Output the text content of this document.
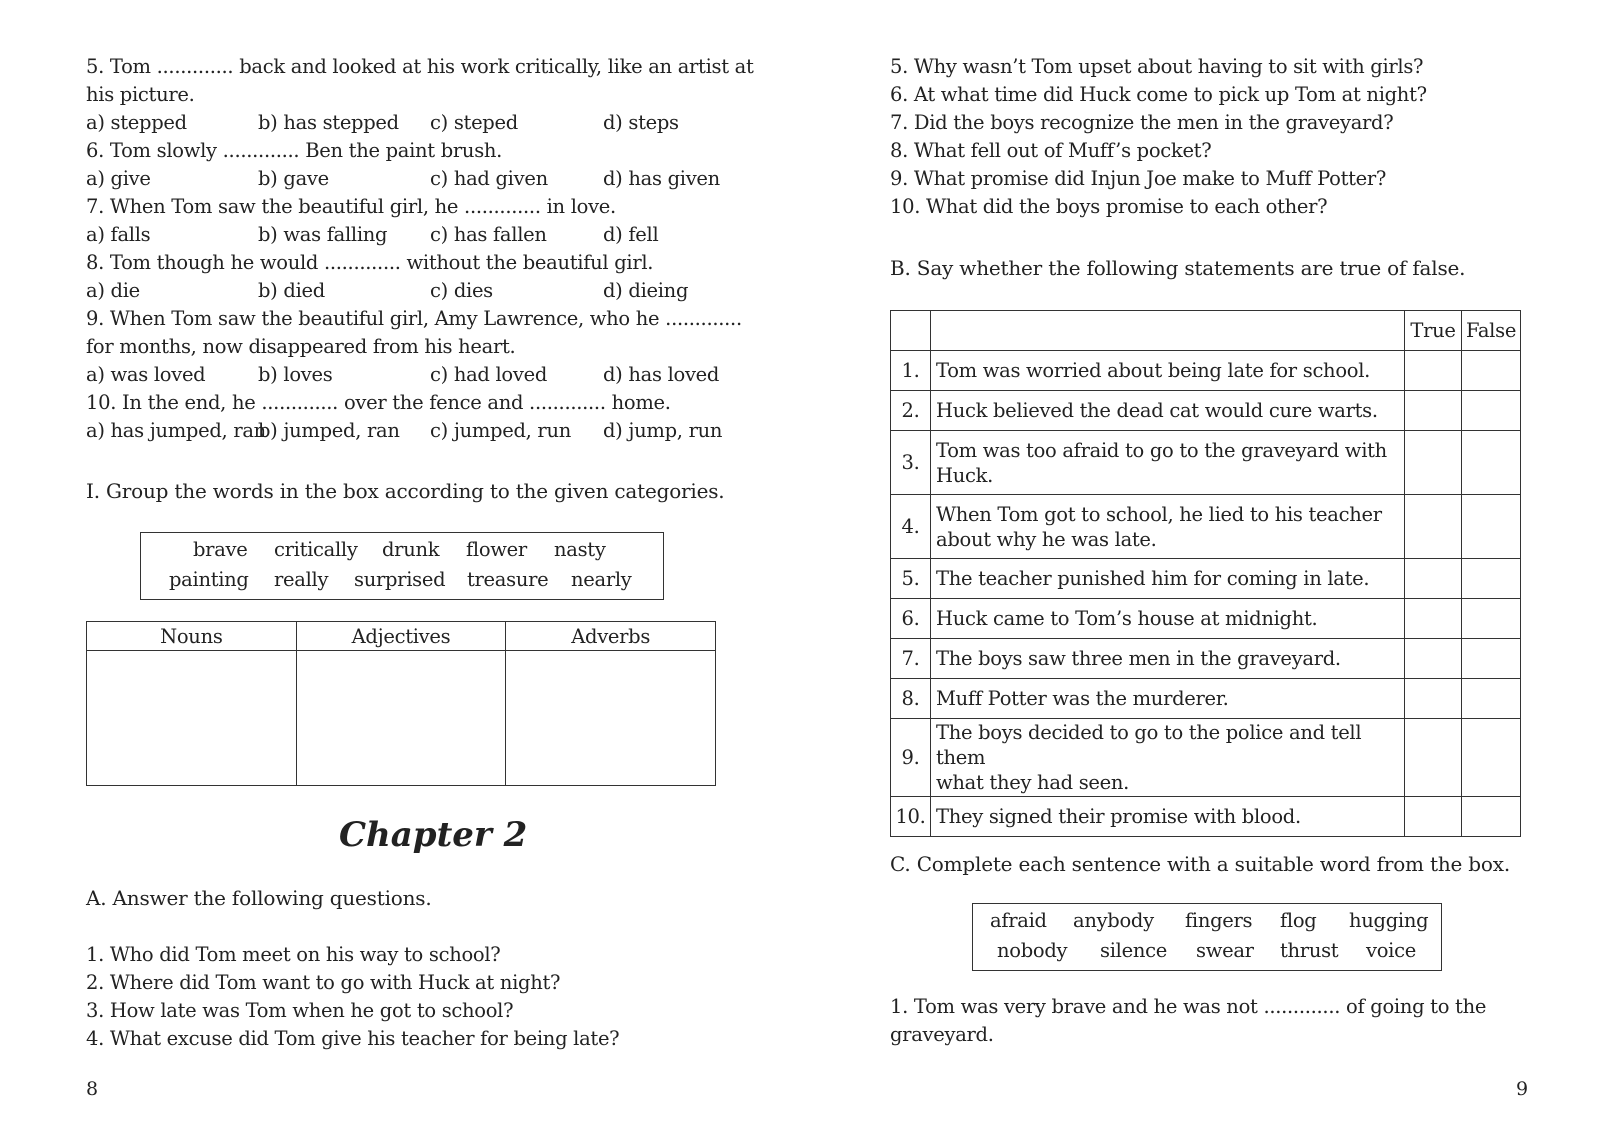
5. Tom ............. back and looked at his work critically, like an artist at
his picture.
a) stepped	b) has stepped c) steped	d) steps
6. Tom slowly ............. Ben the paint brush.
a) give	b) gave	c) had given	d) has given
7. When Tom saw the beautiful girl, he ............. in love.
a) falls	b) was falling c) has fallen	d) fell
8. Tom though he would ............. without the beautiful girl.
a) die	b) died	c) dies	d) dieing
9. When Tom saw the beautiful girl, Amy Lawrence, who he .............
for months, now disappeared from his heart.
a) was loved	b) loves	c) had loved	d) has loved
10. In the end, he ............. over the fence and ............. home.
a) has jumped, ran
b) jumped, ran c) jumped, run d) jump, run
I. Group the words in the box according to the given categories.
brave critically drunk flower nasty
painting really surprised treasure nearly
Nouns	Adjectives	Adverbs

Chapter 2
A. Answer the following questions.
1. Who did Tom meet on his way to school?
2. Where did Tom want to go with Huck at night?
3. How late was Tom when he got to school?
4. What excuse did Tom give his teacher for being late?
8
5. Why wasn’t Tom upset about having to sit with girls?
6. At what time did Huck come to pick up Tom at night?
7. Did the boys recognize the men in the graveyard?
8. What fell out of Muff’s pocket?
9. What promise did Injun Joe make to Muff Potter?
10. What did the boys promise to each other?
B. Say whether the following statements are true of false.
		True	False
1.	Tom was worried about being late for school.		
2.	Huck believed the dead cat would cure warts.		
3.	Tom was too afraid to go to the graveyard with
Huck.		

4.	When Tom got to school, he lied to his teacher
about why he was late.		

5.	The teacher punished him for coming in late.		
6.	Huck came to Tom’s house at midnight.		
7.	The boys saw three men in the graveyard.		
8.	Muff Potter was the murderer.		
9.	The boys decided to go to the police and tell them
what they had seen.		

10.	They signed their promise with blood.		
C. Complete each sentence with a suitable word from the box.
afraid anybody fingers flog hugging
nobody silence swear thrust voice
1. Tom was very brave and he was not ............. of going to the
graveyard.
9
